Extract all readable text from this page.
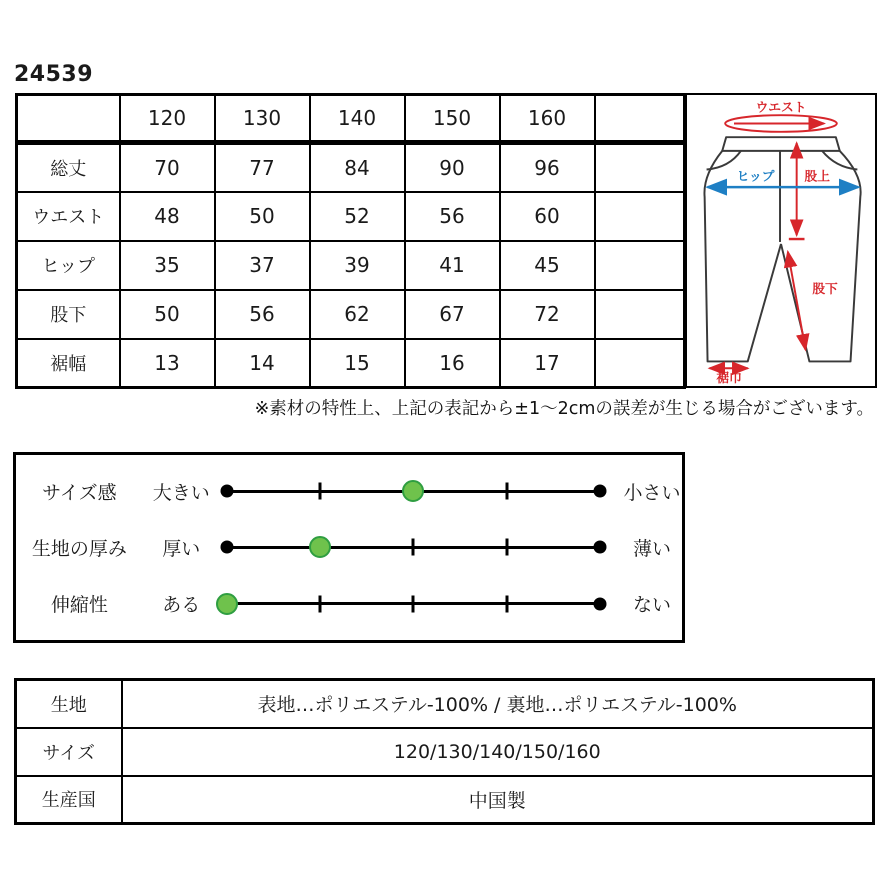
24539
	120	130	140	150	160	
総丈	70	77	84	90	96	
ウエスト	48	50	52	56	60	
ヒップ	35	37	39	41	45	
股下	50	56	62	67	72	
裾幅	13	14	15	16	17	
ウエスト
股上
ヒップ
股下
裾巾
※素材の特性上、上記の表記から±1〜2cmの誤差が生じる場合がございます。
サイズ感	大きい	小さい
生地の厚み	厚い	薄い
伸縮性	ある	ない
生地	表地…ポリエステル-100% / 裏地…ポリエステル-100%
サイズ	120/130/140/150/160
生産国	中国製
